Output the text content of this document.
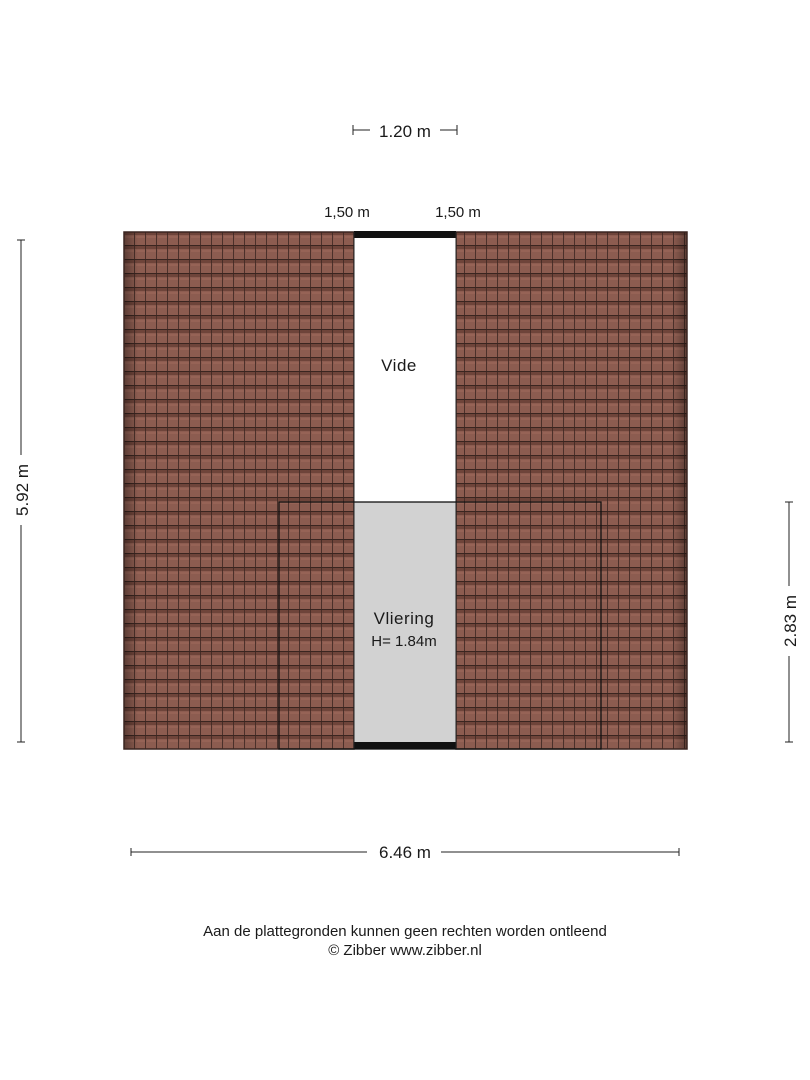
1.20 m
1,50 m	1,50 m
Vide
Vliering
H= 1.84m
5.92 m
2.83 m
6.46 m
Aan de plattegronden kunnen geen rechten worden ontleend
© Zibber www.zibber.nl
